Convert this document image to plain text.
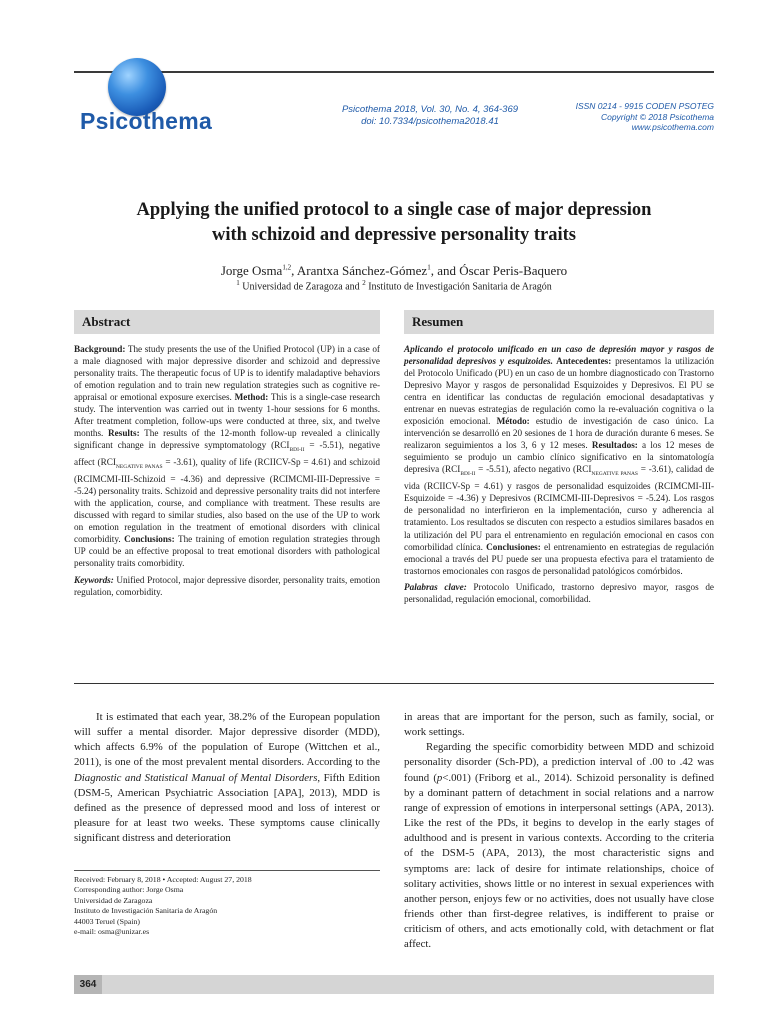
Psicothema	Psicothema 2018, Vol. 30, No. 4, 364-369
doi: 10.7334/psicothema2018.41
ISSN 0214 - 9915 CODEN PSOTEG
Copyright © 2018 Psicothema
www.psicothema.com
Applying the unified protocol to a single case of major depression
with schizoid and depressive personality traits
Jorge Osma$^{1,2}$, Arantxa Sánchez-Gómez$^1$, and Óscar Peris-Baquero
$^1$ Universidad de Zaragoza and $^2$ Instituto de Investigación Sanitaria de Aragón
Abstract	Resumen

Background: The study presents the use of the Unified Protocol (UP) in a case of a male diagnosed with major depressive disorder and schizoid and depressive personality traits. The therapeutic focus of UP is to identify maladaptive behaviors of emotion regulation and to train new regulation strategies such as cognitive re-appraisal or emotional exposure exercises. Method: This is a single-case research study. The intervention was carried out in twenty 1-hour sessions for 6 months. After treatment completion, follow-ups were conducted at three, six, and twelve months. Results: The results of the 12-month follow-up revealed a clinically significant change in depressive symptomatology $(RCI_{BDI-II} = -5.51)$, negative affect $(RCI_{NEGATIVE PANAS} = -3.61)$, quality of life (RCIICV-Sp = 4.61) and schizoid (RCIMCMI-III-Schizoid = -4.36) and depressive (RCIMCMI-III-Depressive = -5.24) personality traits. Schizoid and depressive personality traits did not interfere with the application, course, and compliance with treatment. These results are discussed with regard to similar studies, also based on the use of the UP to work on emotion regulation in the treatment of emotional disorders with clinical comorbidity. Conclusions: The training of emotion regulation strategies through UP could be an effective proposal to treat emotional disorders with pathological personality traits comorbidity.

Keywords: Unified Protocol, major depressive disorder, personality traits, emotion regulation, comorbidity.

Aplicando el protocolo unificado en un caso de depresión mayor y rasgos de personalidad depresivos y esquizoides. Antecedentes: presentamos la utilización del Protocolo Unificado (PU) en un caso de un hombre diagnosticado con Trastorno Depresivo Mayor y rasgos de personalidad Esquizoides y Depresivos. El PU se centra en identificar las conductas de regulación emocional desadaptativas y entrenar en nuevas estrategias de regulación como la re-evaluación cognitiva o la exposición emocional. Método: estudio de investigación de caso único. La intervención se desarrolló en 20 sesiones de 1 hora de duración durante 6 meses. Se realizaron seguimientos a los 3, 6 y 12 meses. Resultados: a los 12 meses de seguimiento se produjo un cambio clínico significativo en la sintomatología depresiva $(RCI_{BDI-II} = -5.51)$, afecto negativo $(RCI_{NEGATIVE PANAS} = -3.61)$, calidad de vida (RCIICV-Sp = 4.61) y rasgos de personalidad esquizoides (RCIMCMI-III-Esquizoide = -4.36) y Depresivos (RCIMCMI-III-Depresivos = -5.24). Los rasgos de personalidad no interfirieron en la implementación, curso y adherencia al tratamiento. Los resultados se discuten con respecto a estudios similares basados en la utilización del PU para el entrenamiento en regulación emocional en casos con comorbilidad clínica. Conclusiones: el entrenamiento en estrategias de regulación emocional a través del PU puede ser una propuesta efectiva para el tratamiento de trastornos emocionales con rasgos de personalidad patológicos comórbidos.

Palabras clave: Protocolo Unificado, trastorno depresivo mayor, rasgos de personalidad, regulación emocional, comorbilidad.

It is estimated that each year, 38.2% of the European population will suffer a mental disorder. Major depressive disorder (MDD), which affects 6.9% of the population of Europe (Wittchen et al., 2011), is one of the most prevalent mental disorders. According to the Diagnostic and Statistical Manual of Mental Disorders, Fifth Edition (DSM-5, American Psychiatric Association [APA], 2013), MDD is defined as the presence of depressed mood and loss of interest or pleasure for at least two weeks. These symptoms cause clinically significant distress and deterioration

in areas that are important for the person, such as family, social, or work settings.

Regarding the specific comorbidity between MDD and schizoid personality disorder (Sch-PD), a prediction interval of .00 to .42 was found (p<.001) (Friborg et al., 2014). Schizoid personality is defined by a dominant pattern of detachment in social relations and a narrow range of expression of emotions in interpersonal settings (APA, 2013). Like the rest of the PDs, it begins to develop in the early stages of adulthood and is present in various contexts. According to the criteria of the DSM-5 (APA, 2013), the most characteristic signs and symptoms are: lack of desire for intimate relationships, choice of solitary activities, shows little or no interest in sexual experiences with another person, enjoys few or no activities, does not usually have close friends other than first-degree relatives, is indifferent to praise or criticism of others, and acts emotionally cold, with detachment or flat affect.

Received: February 8, 2018 • Accepted: August 27, 2018
Corresponding author: Jorge Osma
Universidad de Zaragoza
Instituto de Investigación Sanitaria de Aragón
44003 Teruel (Spain)
e-mail: osma@unizar.es
364
